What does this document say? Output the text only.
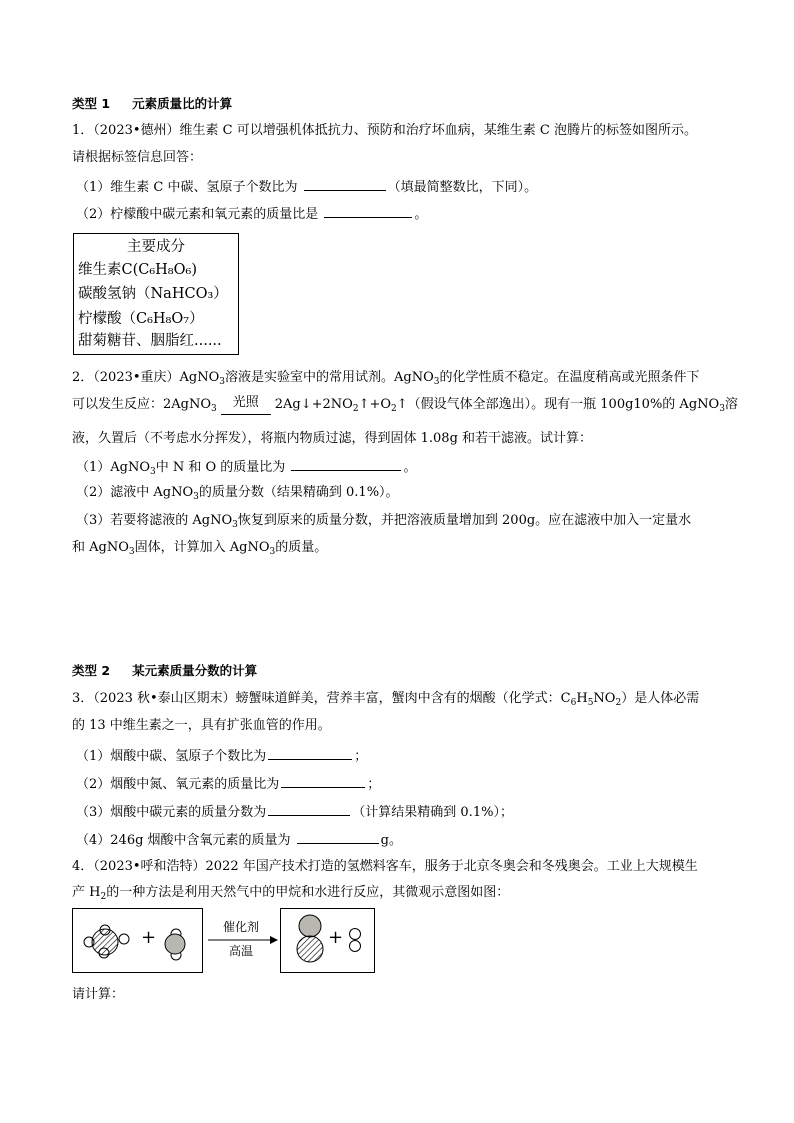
类型 1 元素质量比的计算
1．（2023•德州）维生素 C 可以增强机体抵抗力、预防和治疗坏血病，某维生素 C 泡腾片的标签如图所示。
请根据标签信息回答：
（1）维生素 C 中碳、氢原子个数比为	（填最简整数比，下同）。
（2）柠檬酸中碳元素和氧元素的质量比是	。
主要成分
维生素C(C₆H₈O₆)
碳酸氢钠（NaHCO₃）
柠檬酸（C₆H₈O₇）
甜菊糖苷、胭脂红......
2．（2023•重庆）AgNO$_3$溶液是实验室中的常用试剂。AgNO$_3$的化学性质不稳定。在温度稍高或光照条件下
可以发生反应：2AgNO$_3$	光照	$2Ag↓+2NO_2↑+O_2↑$（假设气体全部逸出）。现有一瓶 100g10%的 AgNO$_3$溶
液，久置后（不考虑水分挥发），将瓶内物质过滤，得到固体 1.08g 和若干滤液。试计算：
（1）AgNO$_3$中 N 和 O 的质量比为	。
（2）滤液中 AgNO$_3$的质量分数（结果精确到 0.1%）。
（3）若要将滤液的 AgNO$_3$恢复到原来的质量分数，并把溶液质量增加到 200g。应在滤液中加入一定量水
和 AgNO$_3$固体，计算加入 AgNO$_3$的质量。
类型 2 某元素质量分数的计算
3．（2023 秋•泰山区期末）螃蟹味道鲜美，营养丰富，蟹肉中含有的烟酸（化学式：$C_6H_5NO_2$）是人体必需
的 13 中维生素之一，具有扩张血管的作用。
（1）烟酸中碳、氢原子个数比为	；
（2）烟酸中氮、氧元素的质量比为	；
（3）烟酸中碳元素的质量分数为	（计算结果精确到 0.1%）；
（4）246g 烟酸中含氧元素的质量为	g。
4．（2023•呼和浩特）2022 年国产技术打造的氢燃料客车，服务于北京冬奥会和冬残奥会。工业上大规模生
产 $H_2$的一种方法是利用天然气中的甲烷和水进行反应，其微观示意图如图：
+	催化剂
高温
+
请计算：
